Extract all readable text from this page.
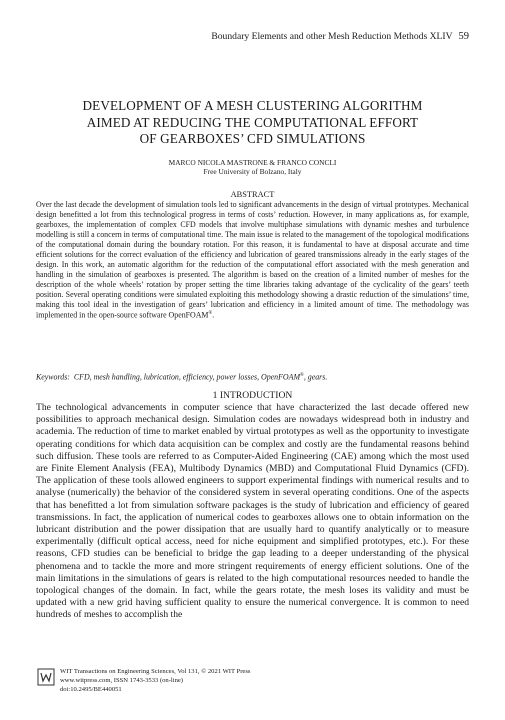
Boundary Elements and other Mesh Reduction Methods XLIV 59
DEVELOPMENT OF A MESH CLUSTERING ALGORITHM
AIMED AT REDUCING THE COMPUTATIONAL EFFORT
OF GEARBOXES’ CFD SIMULATIONS
MARCO NICOLA MASTRONE & FRANCO CONCLI
Free University of Bolzano, Italy
ABSTRACT

Over the last decade the development of simulation tools led to significant advancements in the design of virtual prototypes. Mechanical design benefitted a lot from this technological progress in terms of costs’ reduction. However, in many applications as, for example, gearboxes, the implementation of complex CFD models that involve multiphase simulations with dynamic meshes and turbulence modelling is still a concern in terms of computational time. The main issue is related to the management of the topological modifications of the computational domain during the boundary rotation. For this reason, it is fundamental to have at disposal accurate and time efficient solutions for the correct evaluation of the efficiency and lubrication of geared transmissions already in the early stages of the design. In this work, an automatic algorithm for the reduction of the computational effort associated with the mesh generation and handling in the simulation of gearboxes is presented. The algorithm is based on the creation of a limited number of meshes for the description of the whole wheels’ rotation by proper setting the time libraries taking advantage of the cyclicality of the gears’ teeth position. Several operating conditions were simulated exploiting this methodology showing a drastic reduction of the simulations’ time, making this tool ideal in the investigation of gears’ lubrication and efficiency in a limited amount of time. The methodology was implemented in the open-source software OpenFOAM®.

Keywords: CFD, mesh handling, lubrication, efficiency, power losses, OpenFOAM®, gears.
1 INTRODUCTION

The technological advancements in computer science that have characterized the last decade offered new possibilities to approach mechanical design. Simulation codes are nowadays widespread both in industry and academia. The reduction of time to market enabled by virtual prototypes as well as the opportunity to investigate operating conditions for which data acquisition can be complex and costly are the fundamental reasons behind such diffusion. These tools are referred to as Computer-Aided Engineering (CAE) among which the most used are Finite Element Analysis (FEA), Multibody Dynamics (MBD) and Computational Fluid Dynamics (CFD). The application of these tools allowed engineers to support experimental findings with numerical results and to analyse (numerically) the behavior of the considered system in several operating conditions. One of the aspects that has benefitted a lot from simulation software packages is the study of lubrication and efficiency of geared transmissions. In fact, the application of numerical codes to gearboxes allows one to obtain information on the lubricant distribution and the power dissipation that are usually hard to quantify analytically or to measure experimentally (difficult optical access, need for niche equipment and simplified prototypes, etc.). For these reasons, CFD studies can be beneficial to bridge the gap leading to a deeper understanding of the physical phenomena and to tackle the more and more stringent requirements of energy efficient solutions. One of the main limitations in the simulations of gears is related to the high computational resources needed to handle the topological changes of the domain. In fact, while the gears rotate, the mesh loses its validity and must be updated with a new grid having sufficient quality to ensure the numerical convergence. It is common to need hundreds of meshes to accomplish the

WIT Transactions on Engineering Sciences, Vol 131, © 2021 WIT Press
www.witpress.com, ISSN 1743-3533 (on-line)
doi:10.2495/BE440051
